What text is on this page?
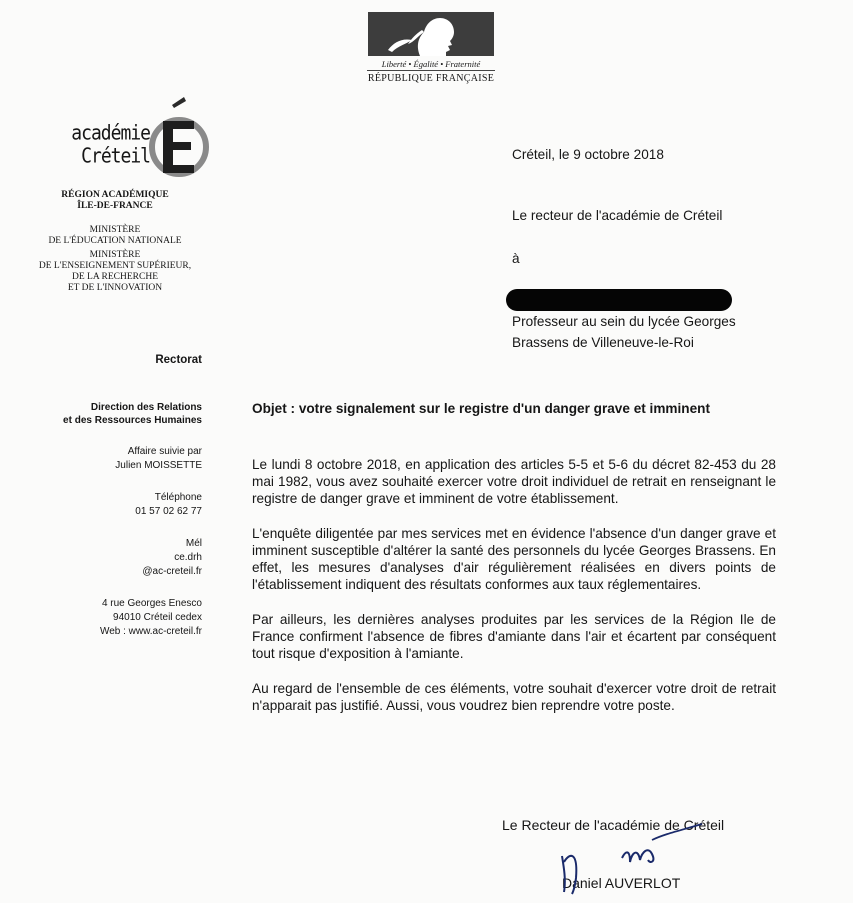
Liberté • Égalité • Fraternité
RÉPUBLIQUE FRANÇAISE
académie
Créteil
RÉGION ACADÉMIQUE
ÎLE-DE-FRANCE
MINISTÈRE
DE L'ÉDUCATION NATIONALE
MINISTÈRE
DE L'ENSEIGNEMENT SUPÉRIEUR,
DE LA RECHERCHE
ET DE L'INNOVATION
Rectorat
Direction des Relations
et des Ressources Humaines
Affaire suivie par
Julien MOISSETTE
Téléphone
01 57 02 62 77
Mél
ce.drh
@ac-creteil.fr
4 rue Georges Enesco
94010 Créteil cedex
Web : www.ac-creteil.fr
Créteil, le 9 octobre 2018
Le recteur de l'académie de Créteil
à
Professeur au sein du lycée Georges
Brassens de Villeneuve-le-Roi
Objet : votre signalement sur le registre d'un danger grave et imminent
Le lundi 8 octobre 2018, en application des articles 5-5 et 5-6 du décret 82-453 du 28 mai 1982, vous avez souhaité exercer votre droit individuel de retrait en renseignant le registre de danger grave et imminent de votre établissement.
L'enquête diligentée par mes services met en évidence l'absence d'un danger grave et imminent susceptible d'altérer la santé des personnels du lycée Georges Brassens. En effet, les mesures d'analyses d'air régulièrement réalisées en divers points de l'établissement indiquent des résultats conformes aux taux réglementaires.
Par ailleurs, les dernières analyses produites par les services de la Région Ile de France confirment l'absence de fibres d'amiante dans l'air et écartent par conséquent tout risque d'exposition à l'amiante.
Au regard de l'ensemble de ces éléments, votre souhait d'exercer votre droit de retrait n'apparait pas justifié. Aussi, vous voudrez bien reprendre votre poste.
Le Recteur de l'académie de Créteil
Daniel AUVERLOT
